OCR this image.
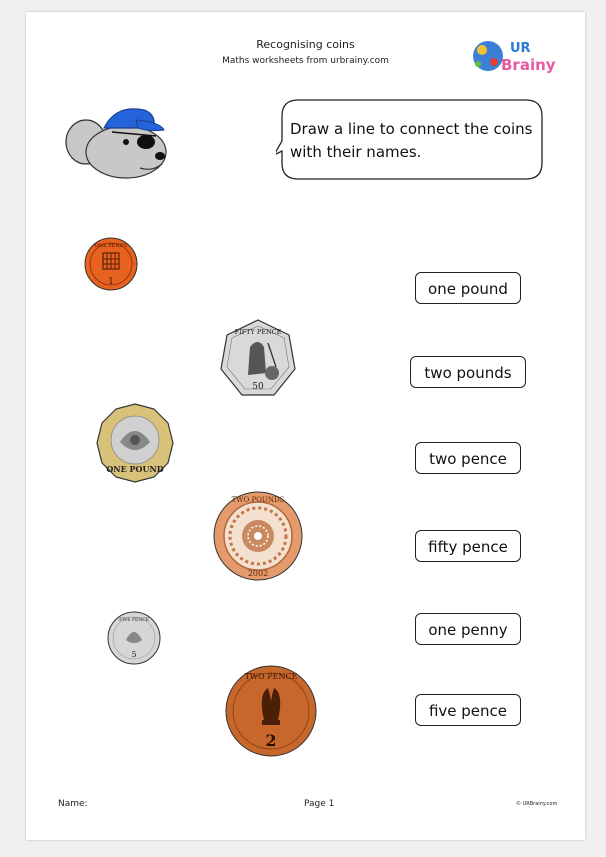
Recognising coins
Maths worksheets from urbrainy.com
UR
Brainy
Draw a line to connect the coins
with their names.
ONE PENNY
1
FIFTY PENCE
50
ONE POUND
TWO POUNDS
2002
FIVE PENCE
5
TWO PENCE
2
one pound
two pounds
two pence
fifty pence
one penny
five pence
Name:	Page 1	© URBrainy.com
